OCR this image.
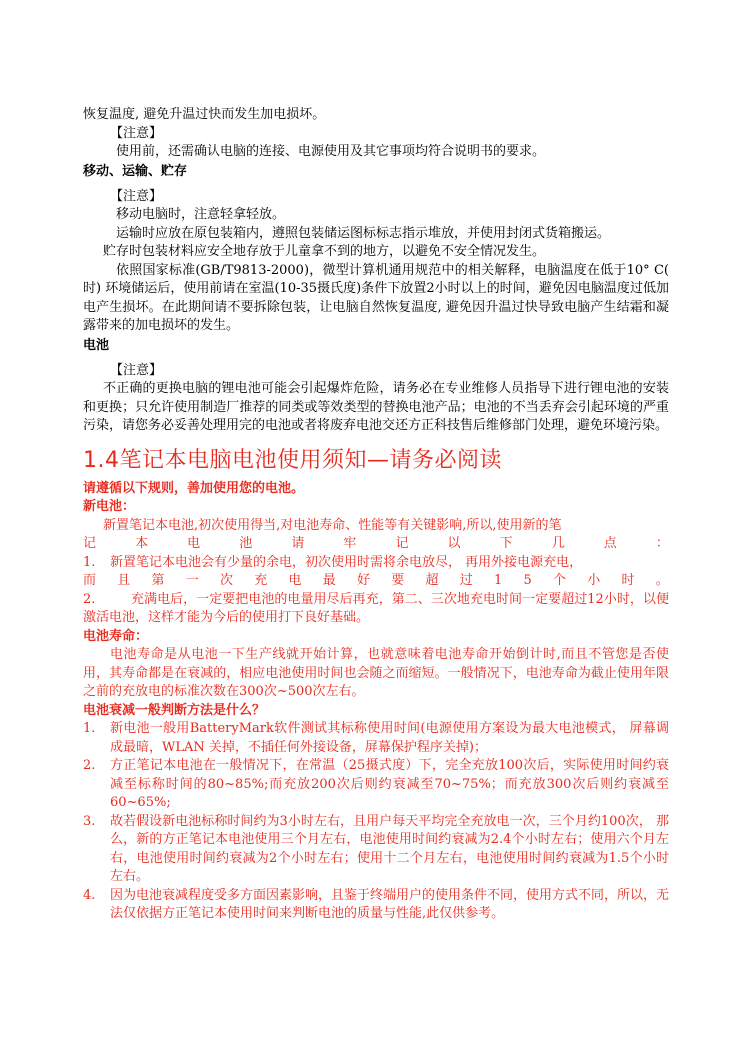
恢复温度, 避免升温过快而发生加电损坏。

【注意】

使用前，还需确认电脑的连接、电源使用及其它事项均符合说明书的要求。

移动、运输、贮存

【注意】

移动电脑时，注意轻拿轻放。

运输时应放在原包装箱内，遵照包装储运图标标志指示堆放，并使用封闭式货箱搬运。

贮存时包装材料应安全地存放于儿童拿不到的地方，以避免不安全情况发生。

依照国家标准(GB/T9813-2000)，微型计算机通用规范中的相关解释，电脑温度在低于10° C( 时) 环境储运后，使用前请在室温(10-35摄氏度)条件下放置2小时以上的时间，避免因电脑温度过低加电产生损坏。在此期间请不要拆除包装，让电脑自然恢复温度, 避免因升温过快导致电脑产生结霜和凝露带来的加电损坏的发生。

电池

【注意】

不正确的更换电脑的锂电池可能会引起爆炸危险，请务必在专业维修人员指导下进行锂电池的安装和更换；只允许使用制造厂推荐的同类或等效类型的替换电池产品；电池的不当丢弃会引起环境的严重污染，请您务必妥善处理用完的电池或者将废弃电池交还方正科技售后维修部门处理，避免环境污染。

1.4笔记本电脑电池使用须知—请务必阅读

请遵循以下规则，善加使用您的电池。

新电池：

新置笔记本电池,初次使用得当,对电池寿命、性能等有关键影响,所以,使用新的笔

记	本	电	池	请	牢	记	以	下	几	点	：
1.	新置笔记本电池会有少量的余电，初次使用时需将余电放尽， 再用外接电源充电，
而 且 第 一 次 充 电 最 好 要 超 过 1 5 个 小 时 。
2.	充满电后，一定要把电池的电量用尽后再充，第二、三次地充电时间一定要超过12小时，以便激活电池，这样才能为今后的使用打下良好基础。

电池寿命：

电池寿命是从电池一下生产线就开始计算，也就意味着电池寿命开始倒计时,而且不管您是否使用，其寿命都是在衰减的，相应电池使用时间也会随之而缩短。一般情况下，电池寿命为截止使用年限之前的充放电的标准次数在300次~500次左右。

电池衰减一般判断方法是什么？

1.	新电池一般用BatteryMark软件测试其标称使用时间(电源使用方案设为最大电池模式， 屏幕调成最暗，WLAN 关掉，不插任何外接设备，屏幕保护程序关掉)；
2.	方正笔记本电池在一般情况下，在常温（25摄式度）下，完全充放100次后，实际使用时间约衰减至标称时间的80~85%;而充放200次后则约衰减至70~75%；而充放300次后则约衰减至60~65%;
3.	故若假设新电池标称时间约为3小时左右，且用户每天平均完全充放电一次，三个月约100次， 那么，新的方正笔记本电池使用三个月左右，电池使用时间约衰减为2.4个小时左右；使用六个月左右，电池使用时间约衰减为2个小时左右；使用十二个月左右，电池使用时间约衰减为1.5个小时左右。
4.	因为电池衰减程度受多方面因素影响，且鉴于终端用户的使用条件不同，使用方式不同，所以，无法仅依据方正笔记本使用时间来判断电池的质量与性能,此仅供参考。
